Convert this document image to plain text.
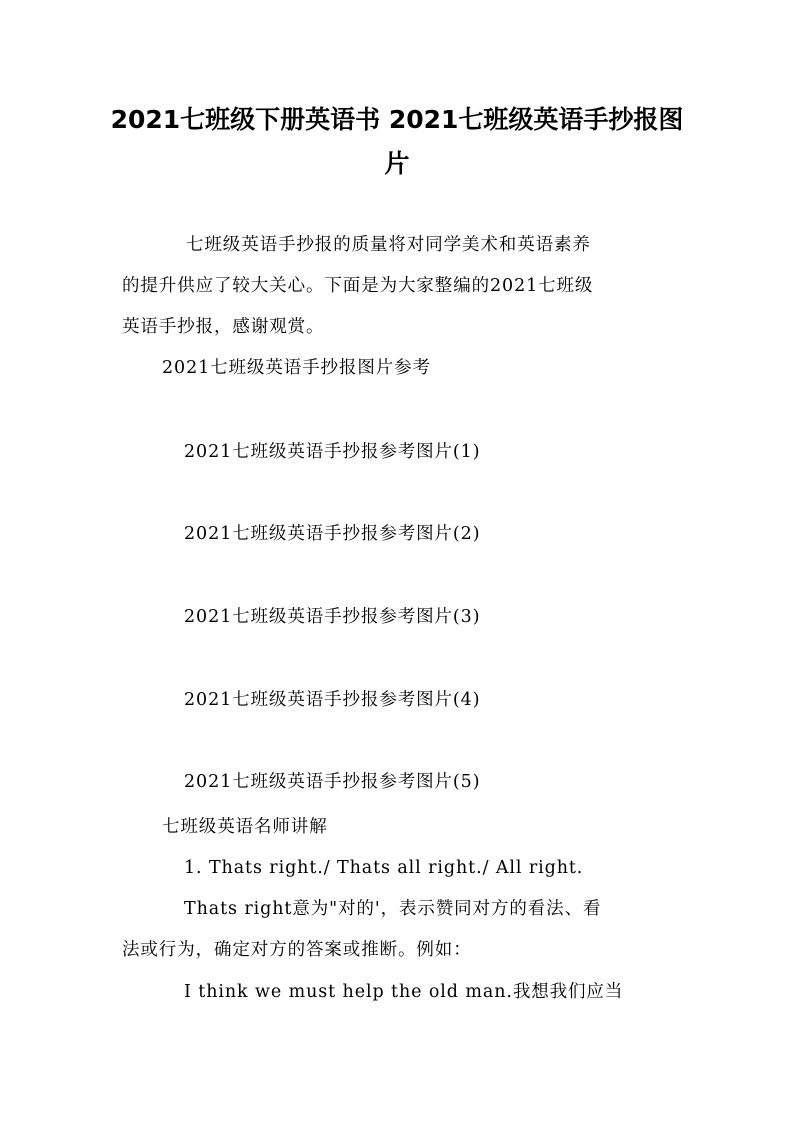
2021七班级下册英语书 2021七班级英语手抄报图片
七班级英语手抄报的质量将对同学美术和英语素养
的提升供应了较大关心。下面是为大家整编的2021七班级
英语手抄报，感谢观赏。
2021七班级英语手抄报图片参考
2021七班级英语手抄报参考图片(1)
2021七班级英语手抄报参考图片(2)
2021七班级英语手抄报参考图片(3)
2021七班级英语手抄报参考图片(4)
2021七班级英语手抄报参考图片(5)
七班级英语名师讲解
1. Thats right./ Thats all right./ All right.
Thats right意为"对的'，表示赞同对方的看法、看
法或行为，确定对方的答案或推断。例如：
I think we must help the old man.我想我们应当
